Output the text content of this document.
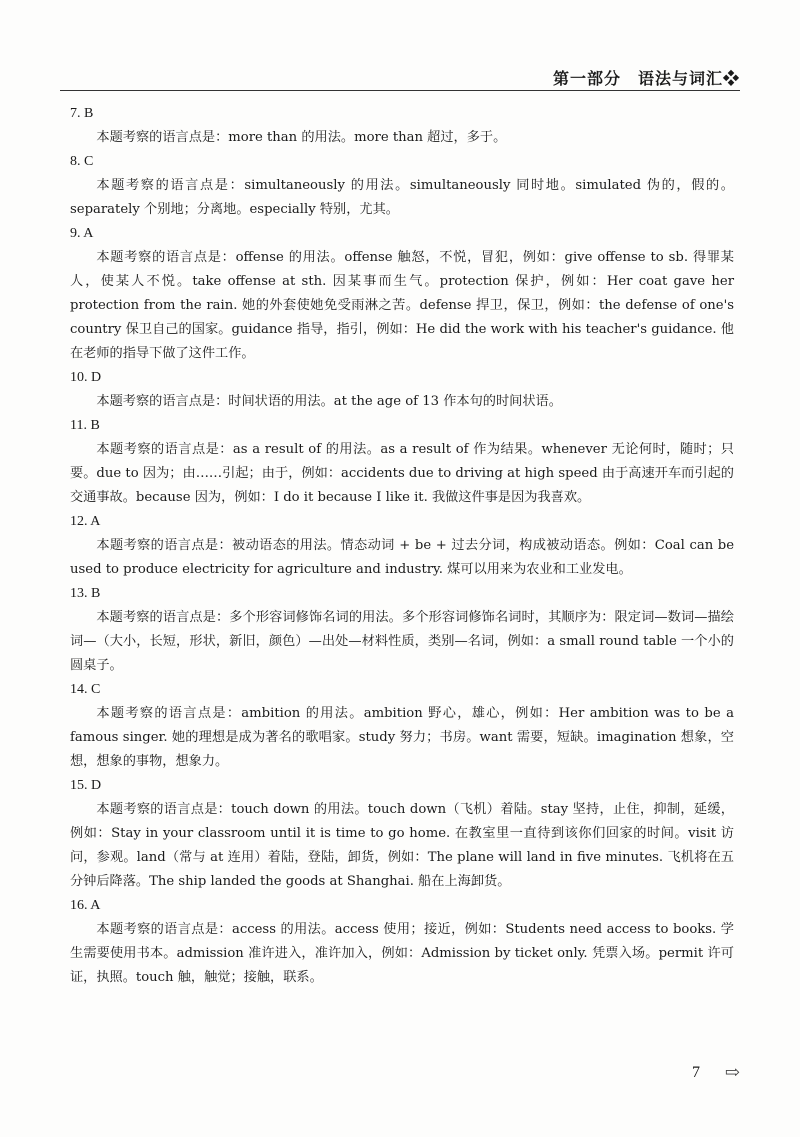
第一部分　语法与词汇❖

7. B

本题考察的语言点是：more than 的用法。more than 超过，多于。

8. C

本题考察的语言点是：simultaneously 的用法。simultaneously 同时地。simulated 伪的，假的。separately 个别地；分离地。especially 特别，尤其。

9. A

本题考察的语言点是：offense 的用法。offense 触怒，不悦，冒犯，例如：give offense to sb. 得罪某人，使某人不悦。take offense at sth. 因某事而生气。protection 保护，例如：Her coat gave her protection from the rain. 她的外套使她免受雨淋之苦。defense 捍卫，保卫，例如：the defense of one's country 保卫自己的国家。guidance 指导，指引，例如：He did the work with his teacher's guidance. 他在老师的指导下做了这件工作。

10. D

本题考察的语言点是：时间状语的用法。at the age of 13 作本句的时间状语。

11. B

本题考察的语言点是：as a result of 的用法。as a result of 作为结果。whenever 无论何时，随时；只要。due to 因为；由……引起；由于，例如：accidents due to driving at high speed 由于高速开车而引起的交通事故。because 因为，例如：I do it because I like it. 我做这件事是因为我喜欢。

12. A

本题考察的语言点是：被动语态的用法。情态动词 + be + 过去分词，构成被动语态。例如：Coal can be used to produce electricity for agriculture and industry. 煤可以用来为农业和工业发电。

13. B

本题考察的语言点是：多个形容词修饰名词的用法。多个形容词修饰名词时，其顺序为：限定词—数词—描绘词—（大小，长短，形状，新旧，颜色）—出处—材料性质，类别—名词，例如：a small round table 一个小的圆桌子。

14. C

本题考察的语言点是：ambition 的用法。ambition 野心，雄心，例如：Her ambition was to be a famous singer. 她的理想是成为著名的歌唱家。study 努力；书房。want 需要，短缺。imagination 想象，空想，想象的事物，想象力。

15. D

本题考察的语言点是：touch down 的用法。touch down（飞机）着陆。stay 坚持，止住，抑制，延缓，例如：Stay in your classroom until it is time to go home. 在教室里一直待到该你们回家的时间。visit 访问，参观。land（常与 at 连用）着陆，登陆，卸货，例如：The plane will land in five minutes. 飞机将在五分钟后降落。The ship landed the goods at Shanghai. 船在上海卸货。

16. A

本题考察的语言点是：access 的用法。access 使用；接近，例如：Students need access to books. 学生需要使用书本。admission 准许进入，准许加入，例如：Admission by ticket only. 凭票入场。permit 许可证，执照。touch 触，触觉；接触，联系。

7 ⇨
